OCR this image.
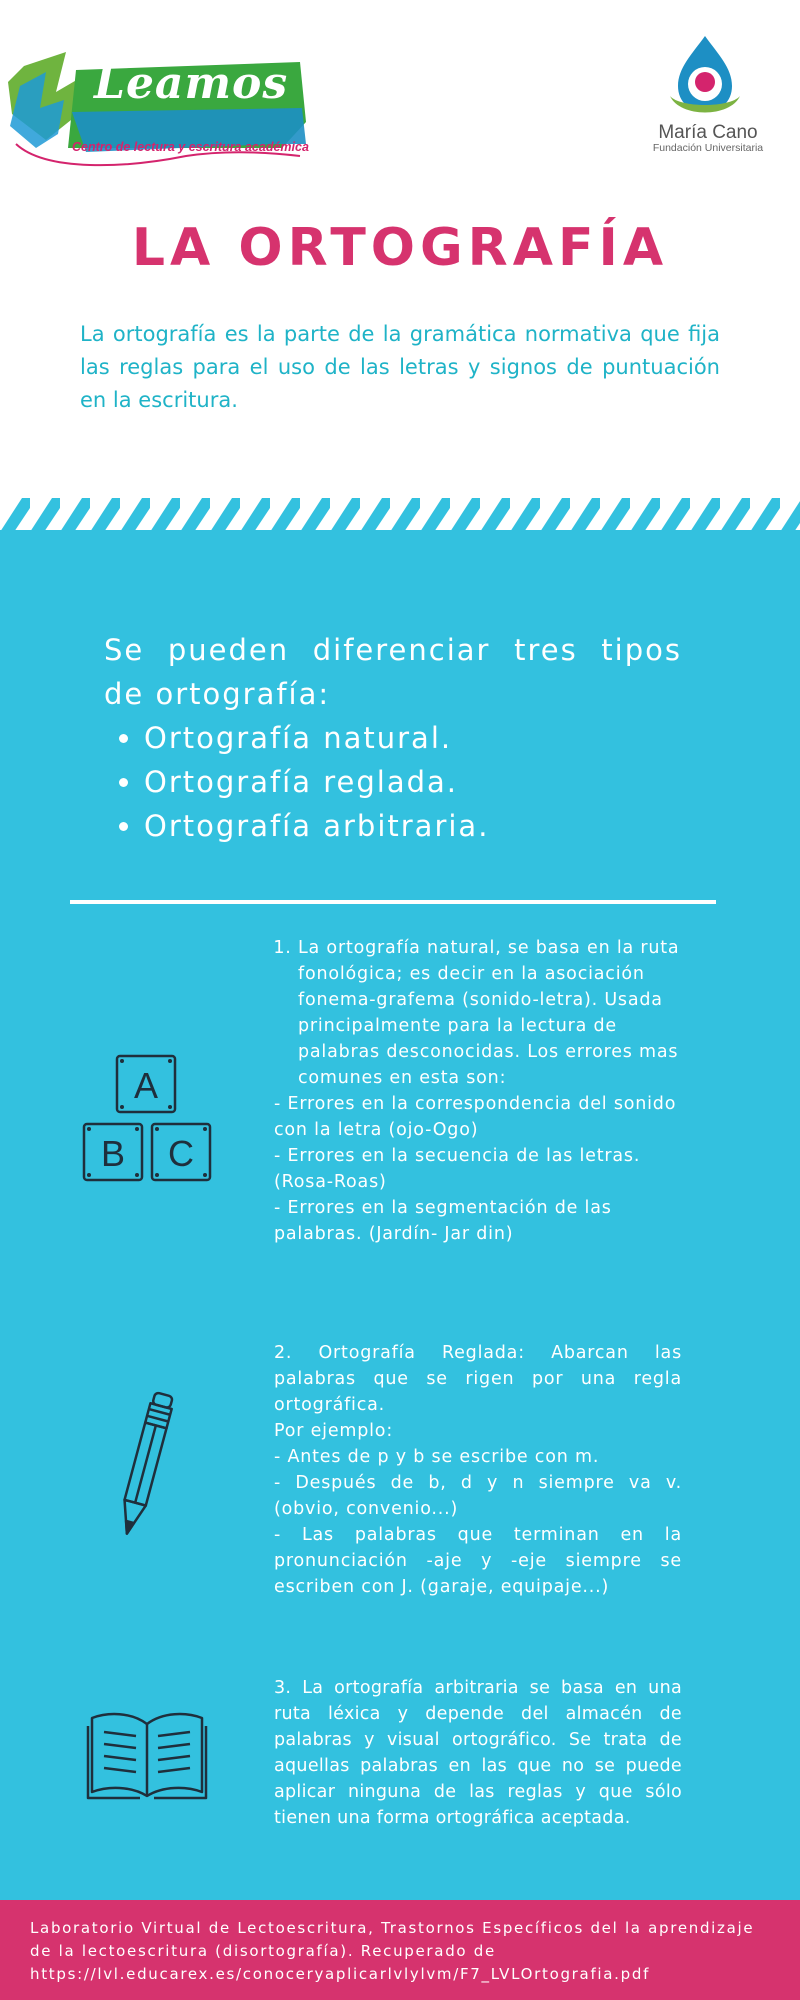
Leamos
Centro de lectura y escritura académica
María Cano
Fundación Universitaria
LA ORTOGRAFÍA

La ortografía es la parte de la gramática normativa que fija las reglas para el uso de las letras y signos de puntuación en la escritura.

Se pueden diferenciar tres tipos de ortografía:

• Ortografía natural.
• Ortografía reglada.
• Ortografía arbitraria.
A
B C
1. La ortografía natural, se basa en la ruta fonológica; es decir en la asociación fonema-grafema (sonido-letra). Usada principalmente para la lectura de palabras desconocidas. Los errores mas comunes en esta son:

- Errores en la correspondencia del sonido con la letra (ojo-Ogo)

- Errores en la secuencia de las letras. (Rosa-Roas)

- Errores en la segmentación de las palabras. (Jardín- Jar din)

2. Ortografía Reglada: Abarcan las palabras que se rigen por una regla ortográfica.

Por ejemplo:

- Antes de p y b se escribe con m.

- Después de b, d y n siempre va v. (obvio, convenio...)

- Las palabras que terminan en la pronunciación -aje y -eje siempre se escriben con J. (garaje, equipaje...)

3. La ortografía arbitraria se basa en una ruta léxica y depende del almacén de palabras y visual ortográfico. Se trata de aquellas palabras en las que no se puede aplicar ninguna de las reglas y que sólo tienen una forma ortográfica aceptada.

Laboratorio Virtual de Lectoescritura, Trastornos Específicos del la aprendizaje de la lectoescritura (disortografía). Recuperado de https://lvl.educarex.es/conoceryaplicarlvlylvm/F7_LVLOrtografia.pdf
